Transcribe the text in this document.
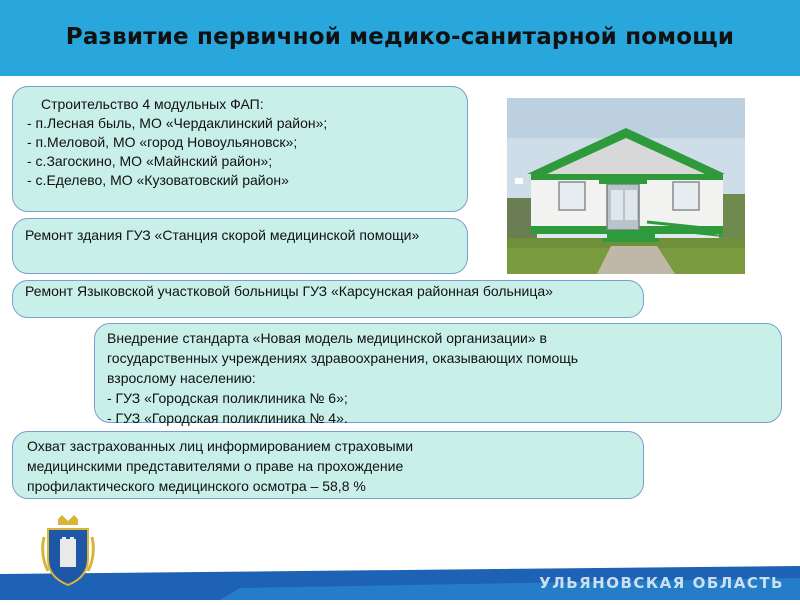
Развитие первичной медико-санитарной помощи
Строительство 4 модульных ФАП:
- п.Лесная быль, МО «Чердаклинский район»;
- п.Меловой, МО «город Новоульяновск»;
- с.Загоскино, МО «Майнский район»;
- с.Еделево, МО «Кузоватовский район»
Ремонт здания ГУЗ «Станция скорой медицинской помощи»
Ремонт Языковской участковой больницы ГУЗ «Карсунская районная больница»
Внедрение стандарта «Новая модель медицинской организации» в
государственных учреждениях здравоохранения, оказывающих помощь
взрослому населению:
- ГУЗ «Городская поликлиника № 6»;
- ГУЗ «Городская поликлиника № 4».
Охват застрахованных лиц информированием страховыми
медицинскими представителями о праве на прохождение
профилактического медицинского осмотра – 58,8 %
УЛЬЯНОВСКАЯ ОБЛАСТЬ
